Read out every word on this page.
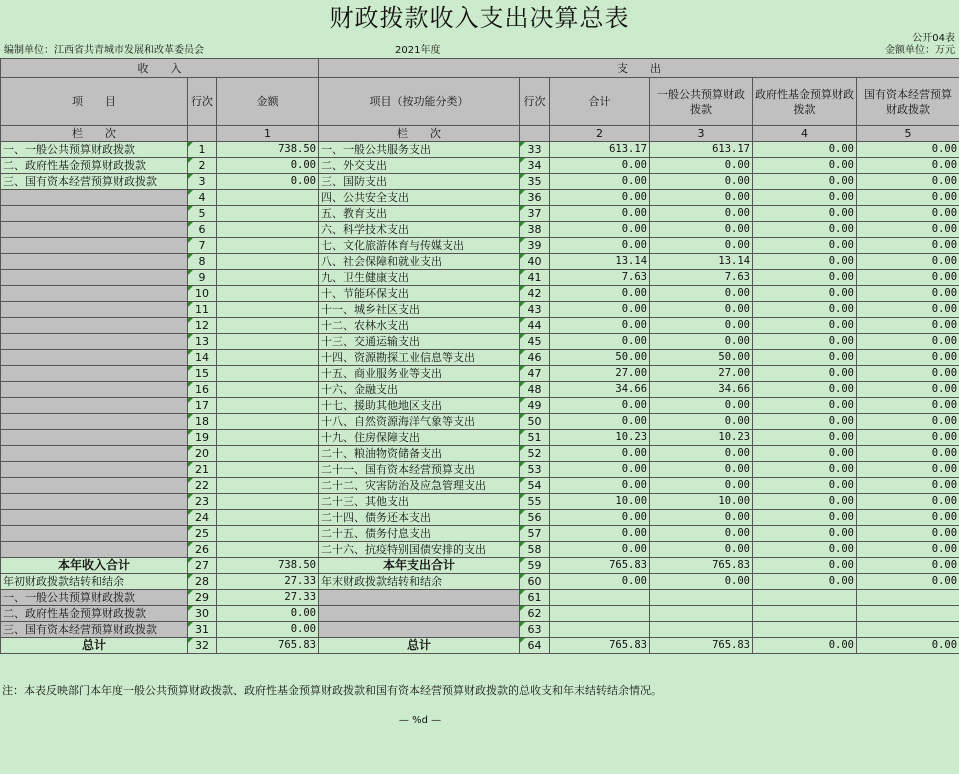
财政拨款收入支出决算总表
公开04表
编制单位：江西省共青城市发展和改革委员会	2021年度	金额单位：万元
收　　入			支　　出					
项　　目	行次	金额	项目（按功能分类）	行次	合计	一般公共预算财政拨款	政府性基金预算财政拨款	国有资本经营预算财政拨款
栏　　次		1	栏　　次		2	3	4	5
一、一般公共预算财政拨款	1	738.50	一、一般公共服务支出	33	613.17	613.17	0.00	0.00
二、政府性基金预算财政拨款	2	0.00	二、外交支出	34	0.00	0.00	0.00	0.00
三、国有资本经营预算财政拨款	3	0.00	三、国防支出	35	0.00	0.00	0.00	0.00
	4		四、公共安全支出	36	0.00	0.00	0.00	0.00
	5		五、教育支出	37	0.00	0.00	0.00	0.00
	6		六、科学技术支出	38	0.00	0.00	0.00	0.00
	7		七、文化旅游体育与传媒支出	39	0.00	0.00	0.00	0.00
	8		八、社会保障和就业支出	40	13.14	13.14	0.00	0.00
	9		九、卫生健康支出	41	7.63	7.63	0.00	0.00
	10		十、节能环保支出	42	0.00	0.00	0.00	0.00
	11		十一、城乡社区支出	43	0.00	0.00	0.00	0.00
	12		十二、农林水支出	44	0.00	0.00	0.00	0.00
	13		十三、交通运输支出	45	0.00	0.00	0.00	0.00
	14		十四、资源勘探工业信息等支出	46	50.00	50.00	0.00	0.00
	15		十五、商业服务业等支出	47	27.00	27.00	0.00	0.00
	16		十六、金融支出	48	34.66	34.66	0.00	0.00
	17		十七、援助其他地区支出	49	0.00	0.00	0.00	0.00
	18		十八、自然资源海洋气象等支出	50	0.00	0.00	0.00	0.00
	19		十九、住房保障支出	51	10.23	10.23	0.00	0.00
	20		二十、粮油物资储备支出	52	0.00	0.00	0.00	0.00
	21		二十一、国有资本经营预算支出	53	0.00	0.00	0.00	0.00
	22		二十二、灾害防治及应急管理支出	54	0.00	0.00	0.00	0.00
	23		二十三、其他支出	55	10.00	10.00	0.00	0.00
	24		二十四、债务还本支出	56	0.00	0.00	0.00	0.00
	25		二十五、债务付息支出	57	0.00	0.00	0.00	0.00
	26		二十六、抗疫特别国债安排的支出	58	0.00	0.00	0.00	0.00
本年收入合计	27	738.50	本年支出合计	59	765.83	765.83	0.00	0.00
年初财政拨款结转和结余	28	27.33	年末财政拨款结转和结余	60	0.00	0.00	0.00	0.00
一、一般公共预算财政拨款	29	27.33		61				
二、政府性基金预算财政拨款	30	0.00		62				
三、国有资本经营预算财政拨款	31	0.00		63				
总计	32	765.83	总计	64	765.83	765.83	0.00	0.00
注：本表反映部门本年度一般公共预算财政拨款、政府性基金预算财政拨款和国有资本经营预算财政拨款的总收支和年末结转结余情况。
— %d —
